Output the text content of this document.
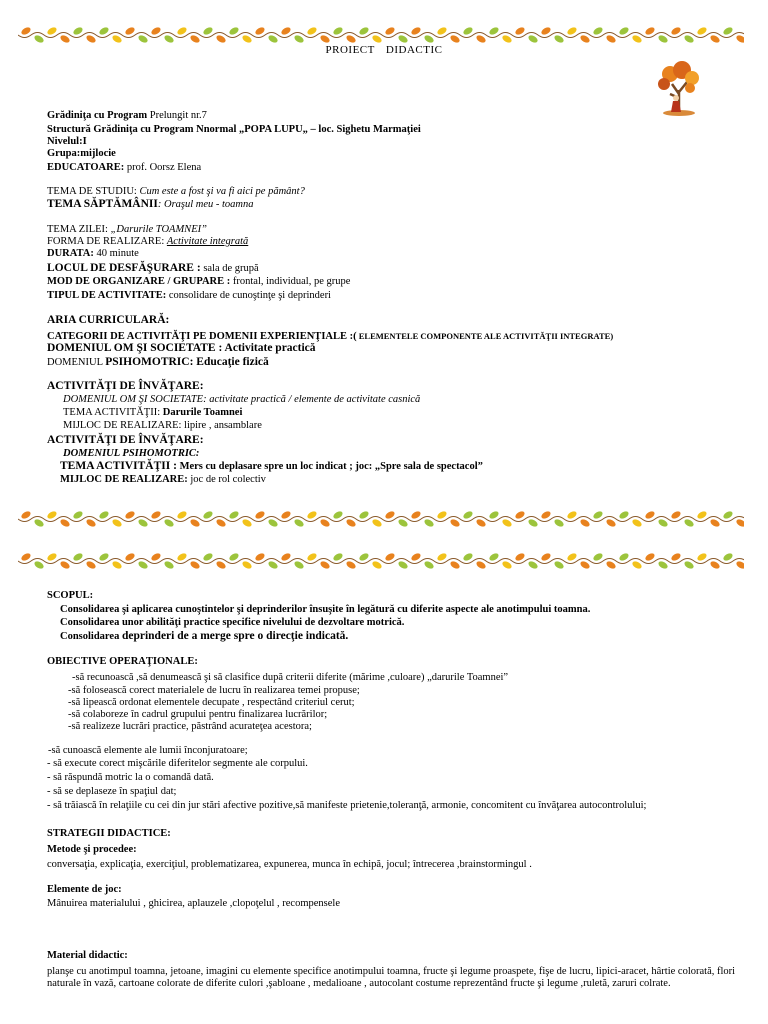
PROIECT DIDACTIC
Grădiniţa cu Program Prelungit nr.7
Structură Grădiniţa cu Program Nnormal „POPA LUPU„ – loc. Sighetu Marmaţiei
Nivelul:I
Grupa:mijlocie
EDUCATOARE: prof. Oorsz Elena
TEMA DE STUDIU: Cum este a fost şi va fi aici pe pământ?
TEMA SĂPTĂMÂNII: Oraşul meu - toamna
TEMA ZILEI: „Darurile TOAMNEI”
FORMA DE REALIZARE: Activitate integrată
DURATA: 40 minute
LOCUL DE DESFĂŞURARE : sala de grupă
MOD DE ORGANIZARE / GRUPARE : frontal, individual, pe grupe
TIPUL DE ACTIVITATE: consolidare de cunoştinţe şi deprinderi
ARIA CURRICULARĂ:
CATEGORII DE ACTIVITĂŢI PE DOMENII EXPERIENŢIALE :( ELEMENTELE COMPONENTE ALE ACTIVITĂŢII INTEGRATE)
DOMENIUL OM ŞI SOCIETATE : Activitate practică
DOMENIUL PSIHOMOTRIC: Educaţie fizică
ACTIVITĂŢI DE ÎNVĂŢARE:
DOMENIUL OM ŞI SOCIETATE: activitate practică / elemente de activitate casnică
TEMA ACTIVITĂŢII: Darurile Toamnei
MIJLOC DE REALIZARE: lipire , ansamblare
ACTIVITĂŢI DE ÎNVĂŢARE:
DOMENIUL PSIHOMOTRIC:
TEMA ACTIVITĂŢII : Mers cu deplasare spre un loc indicat ; joc: „Spre sala de spectacol”
MIJLOC DE REALIZARE: joc de rol colectiv
SCOPUL:
Consolidarea şi aplicarea cunoştintelor şi deprinderilor însuşite în legătură cu diferite aspecte ale anotimpului toamna.
Consolidarea unor abilităţi practice specifice nivelului de dezvoltare motrică.
Consolidarea deprinderi de a merge spre o direcţie indicată.
OBIECTIVE OPERAŢIONALE:
-să recunoască ,să denumească şi să clasifice după criterii diferite (mărime ,culoare) „darurile Toamnei”
-să folosească corect materialele de lucru în realizarea temei propuse;
-să lipească ordonat elementele decupate , respectând criteriul cerut;
-să colaboreze în cadrul grupului pentru finalizarea lucrărilor;
-să realizeze lucrări practice, păstrând acurateţea acestora;
-să cunoască elemente ale lumii înconjuratoare;
- să execute corect mişcările diferitelor segmente ale corpului.
- să răspundă motric la o comandă dată.
- să se deplaseze în spaţiul dat;
- să trăiască în relaţiile cu cei din jur stări afective pozitive,să manifeste prietenie,toleranţă, armonie, concomitent cu învăţarea autocontrolului;
STRATEGII DIDACTICE:
Metode şi procedee:
conversaţia, explicaţia, exerciţiul, problematizarea, expunerea, munca în echipă, jocul; întrecerea ,brainstormingul .
Elemente de joc:
Mânuirea materialului , ghicirea, aplauzele ,clopoţelul , recompensele
Material didactic:
planşe cu anotimpul toamna, jetoane, imagini cu elemente specifice anotimpului toamna, fructe şi legume proaspete, fişe de lucru, lipici-aracet, hârtie colorată, flori naturale în vază, cartoane colorate de diferite culori ,şabloane , medalioane , autocolant costume reprezentând fructe şi legume ,ruletă, zaruri colrate.
